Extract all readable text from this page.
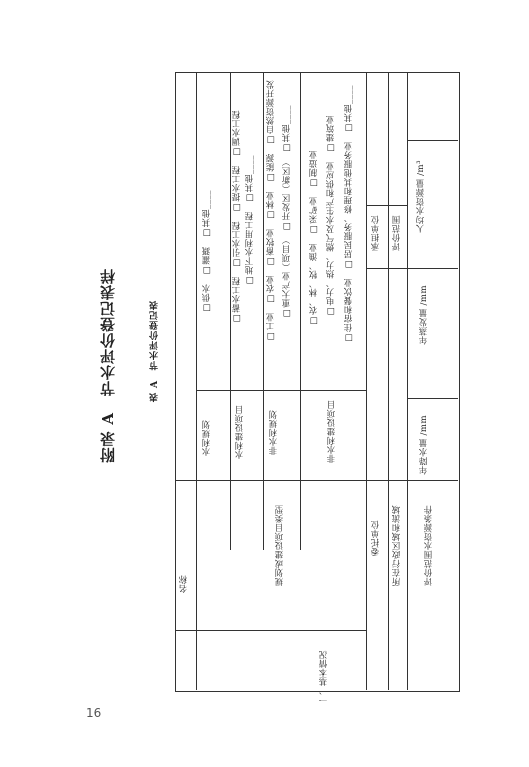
附录 A　节水评价登记表样	表 A　节水评价登记表
名称
一、基本情况
规划或建设项目类型
水利规划
□供水　□灌溉　□其他____
水利建设项目
□蓄水工程　□引水工程　□提水工程　□调水工程 □地下水利用工程　□其他____
非水利规划
□工业　□农业　□畜牧业　□林业　□能源　□自然资源开发 □重大产业（项目）　□开发区（新区）　□其他____
非水利建设项目
□农、林、牧、渔业　□采矿业　□制造业 □电力、热力、燃气及水生产和供应业　□建筑业 □住宿和餐饮业　□居民服务、修理和其他服务业　□其他____
委托单位
承担单位
所在行政区域和流域
评价范围
评价范围水资源条件
年降水量 /mm
年蒸发量 /mm
人均水资源量 /m³
16
